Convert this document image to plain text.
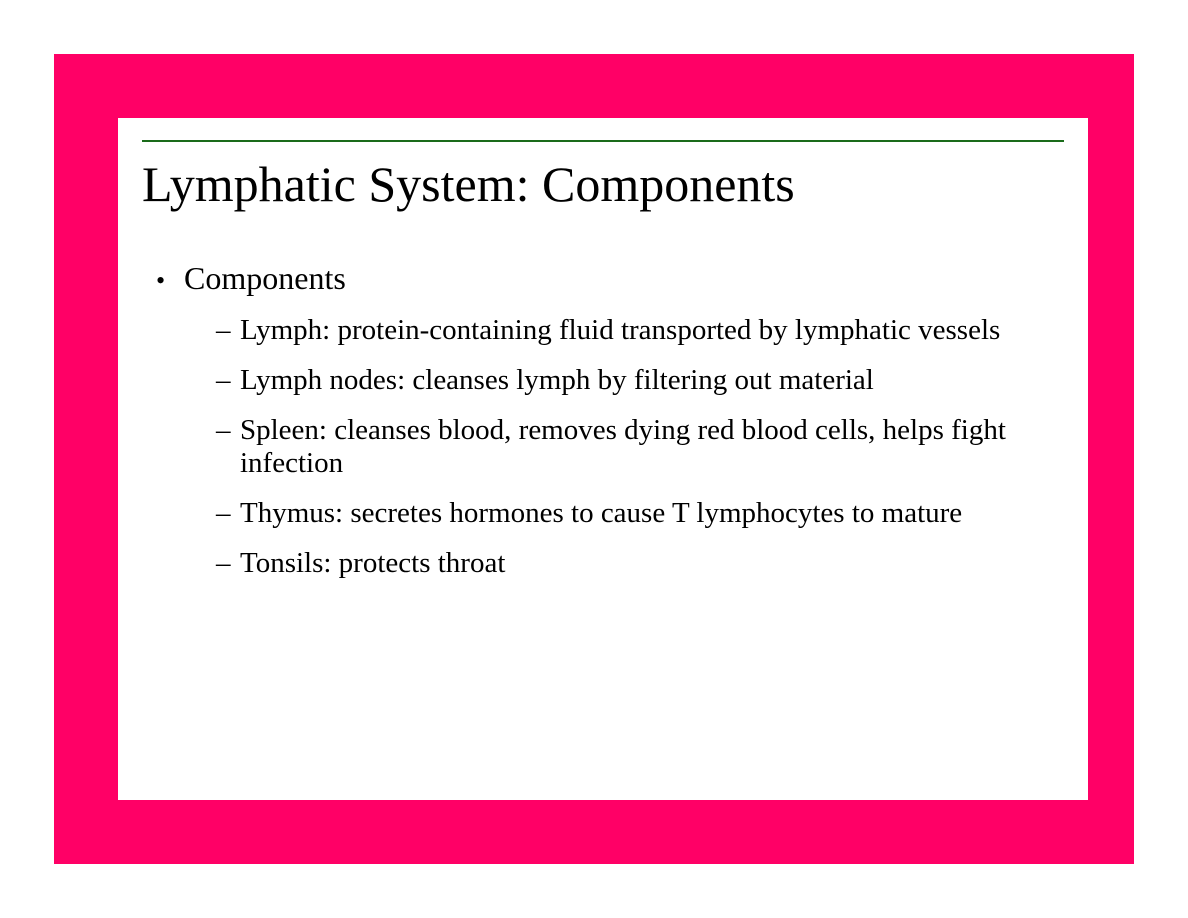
Lymphatic System: Components
• Components
– Lymph: protein-containing fluid transported by lymphatic vessels
– Lymph nodes: cleanses lymph by filtering out material
– Spleen: cleanses blood, removes dying red blood cells, helps fight infection
– Thymus: secretes hormones to cause T lymphocytes to mature
– Tonsils: protects throat
